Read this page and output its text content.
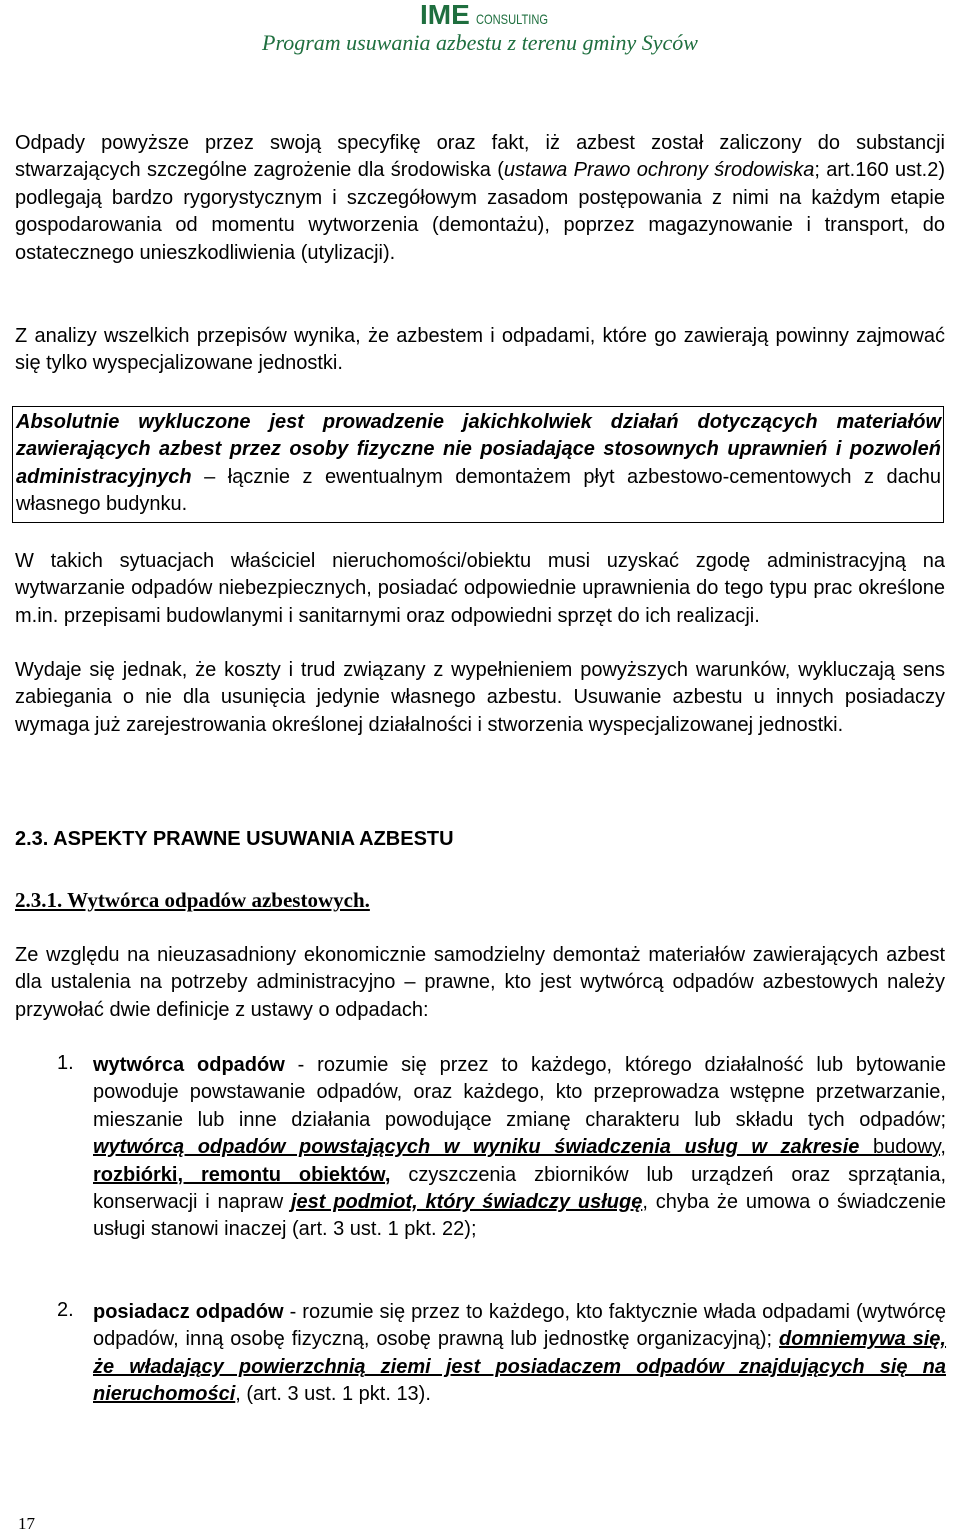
IME CONSULTING
Program usuwania azbestu z terenu gminy Syców
Odpady powyższe przez swoją specyfikę oraz fakt, iż azbest został zaliczony do substancji stwarzających szczególne zagrożenie dla środowiska (ustawa Prawo ochrony środowiska; art.160 ust.2) podlegają bardzo rygorystycznym i szczegółowym zasadom postępowania z nimi na każdym etapie gospodarowania od momentu wytworzenia (demontażu), poprzez magazynowanie i transport, do ostatecznego unieszkodliwienia (utylizacji).
Z analizy wszelkich przepisów wynika, że azbestem i odpadami, które go zawierają powinny zajmować się tylko wyspecjalizowane jednostki.
Absolutnie wykluczone jest prowadzenie jakichkolwiek działań dotyczących materiałów zawierających azbest przez osoby fizyczne nie posiadające stosownych uprawnień i pozwoleń administracyjnych – łącznie z ewentualnym demontażem płyt azbestowo-cementowych z dachu własnego budynku.
W takich sytuacjach właściciel nieruchomości/obiektu musi uzyskać zgodę administracyjną na wytwarzanie odpadów niebezpiecznych, posiadać odpowiednie uprawnienia do tego typu prac określone m.in. przepisami budowlanymi i sanitarnymi oraz odpowiedni sprzęt do ich realizacji.
Wydaje się jednak, że koszty i trud związany z wypełnieniem powyższych warunków, wykluczają sens zabiegania o nie dla usunięcia jedynie własnego azbestu. Usuwanie azbestu u innych posiadaczy wymaga już zarejestrowania określonej działalności i stworzenia wyspecjalizowanej jednostki.
2.3. ASPEKTY PRAWNE USUWANIA AZBESTU
2.3.1. Wytwórca odpadów azbestowych.
Ze względu na nieuzasadniony ekonomicznie samodzielny demontaż materiałów zawierających azbest dla ustalenia na potrzeby administracyjno – prawne, kto jest wytwórcą odpadów azbestowych należy przywołać dwie definicje z ustawy o odpadach:
1. wytwórca odpadów - rozumie się przez to każdego, którego działalność lub bytowanie powoduje powstawanie odpadów, oraz każdego, kto przeprowadza wstępne przetwarzanie, mieszanie lub inne działania powodujące zmianę charakteru lub składu tych odpadów; wytwórcą odpadów powstających w wyniku świadczenia usług w zakresie budowy, rozbiórki, remontu obiektów, czyszczenia zbiorników lub urządzeń oraz sprzątania, konserwacji i napraw jest podmiot, który świadczy usługę, chyba że umowa o świadczenie usługi stanowi inaczej (art. 3 ust. 1 pkt. 22);
2. posiadacz odpadów - rozumie się przez to każdego, kto faktycznie włada odpadami (wytwórcę odpadów, inną osobę fizyczną, osobę prawną lub jednostkę organizacyjną); domniemywa się, że władający powierzchnią ziemi jest posiadaczem odpadów znajdujących się na nieruchomości, (art. 3 ust. 1 pkt. 13).
17
